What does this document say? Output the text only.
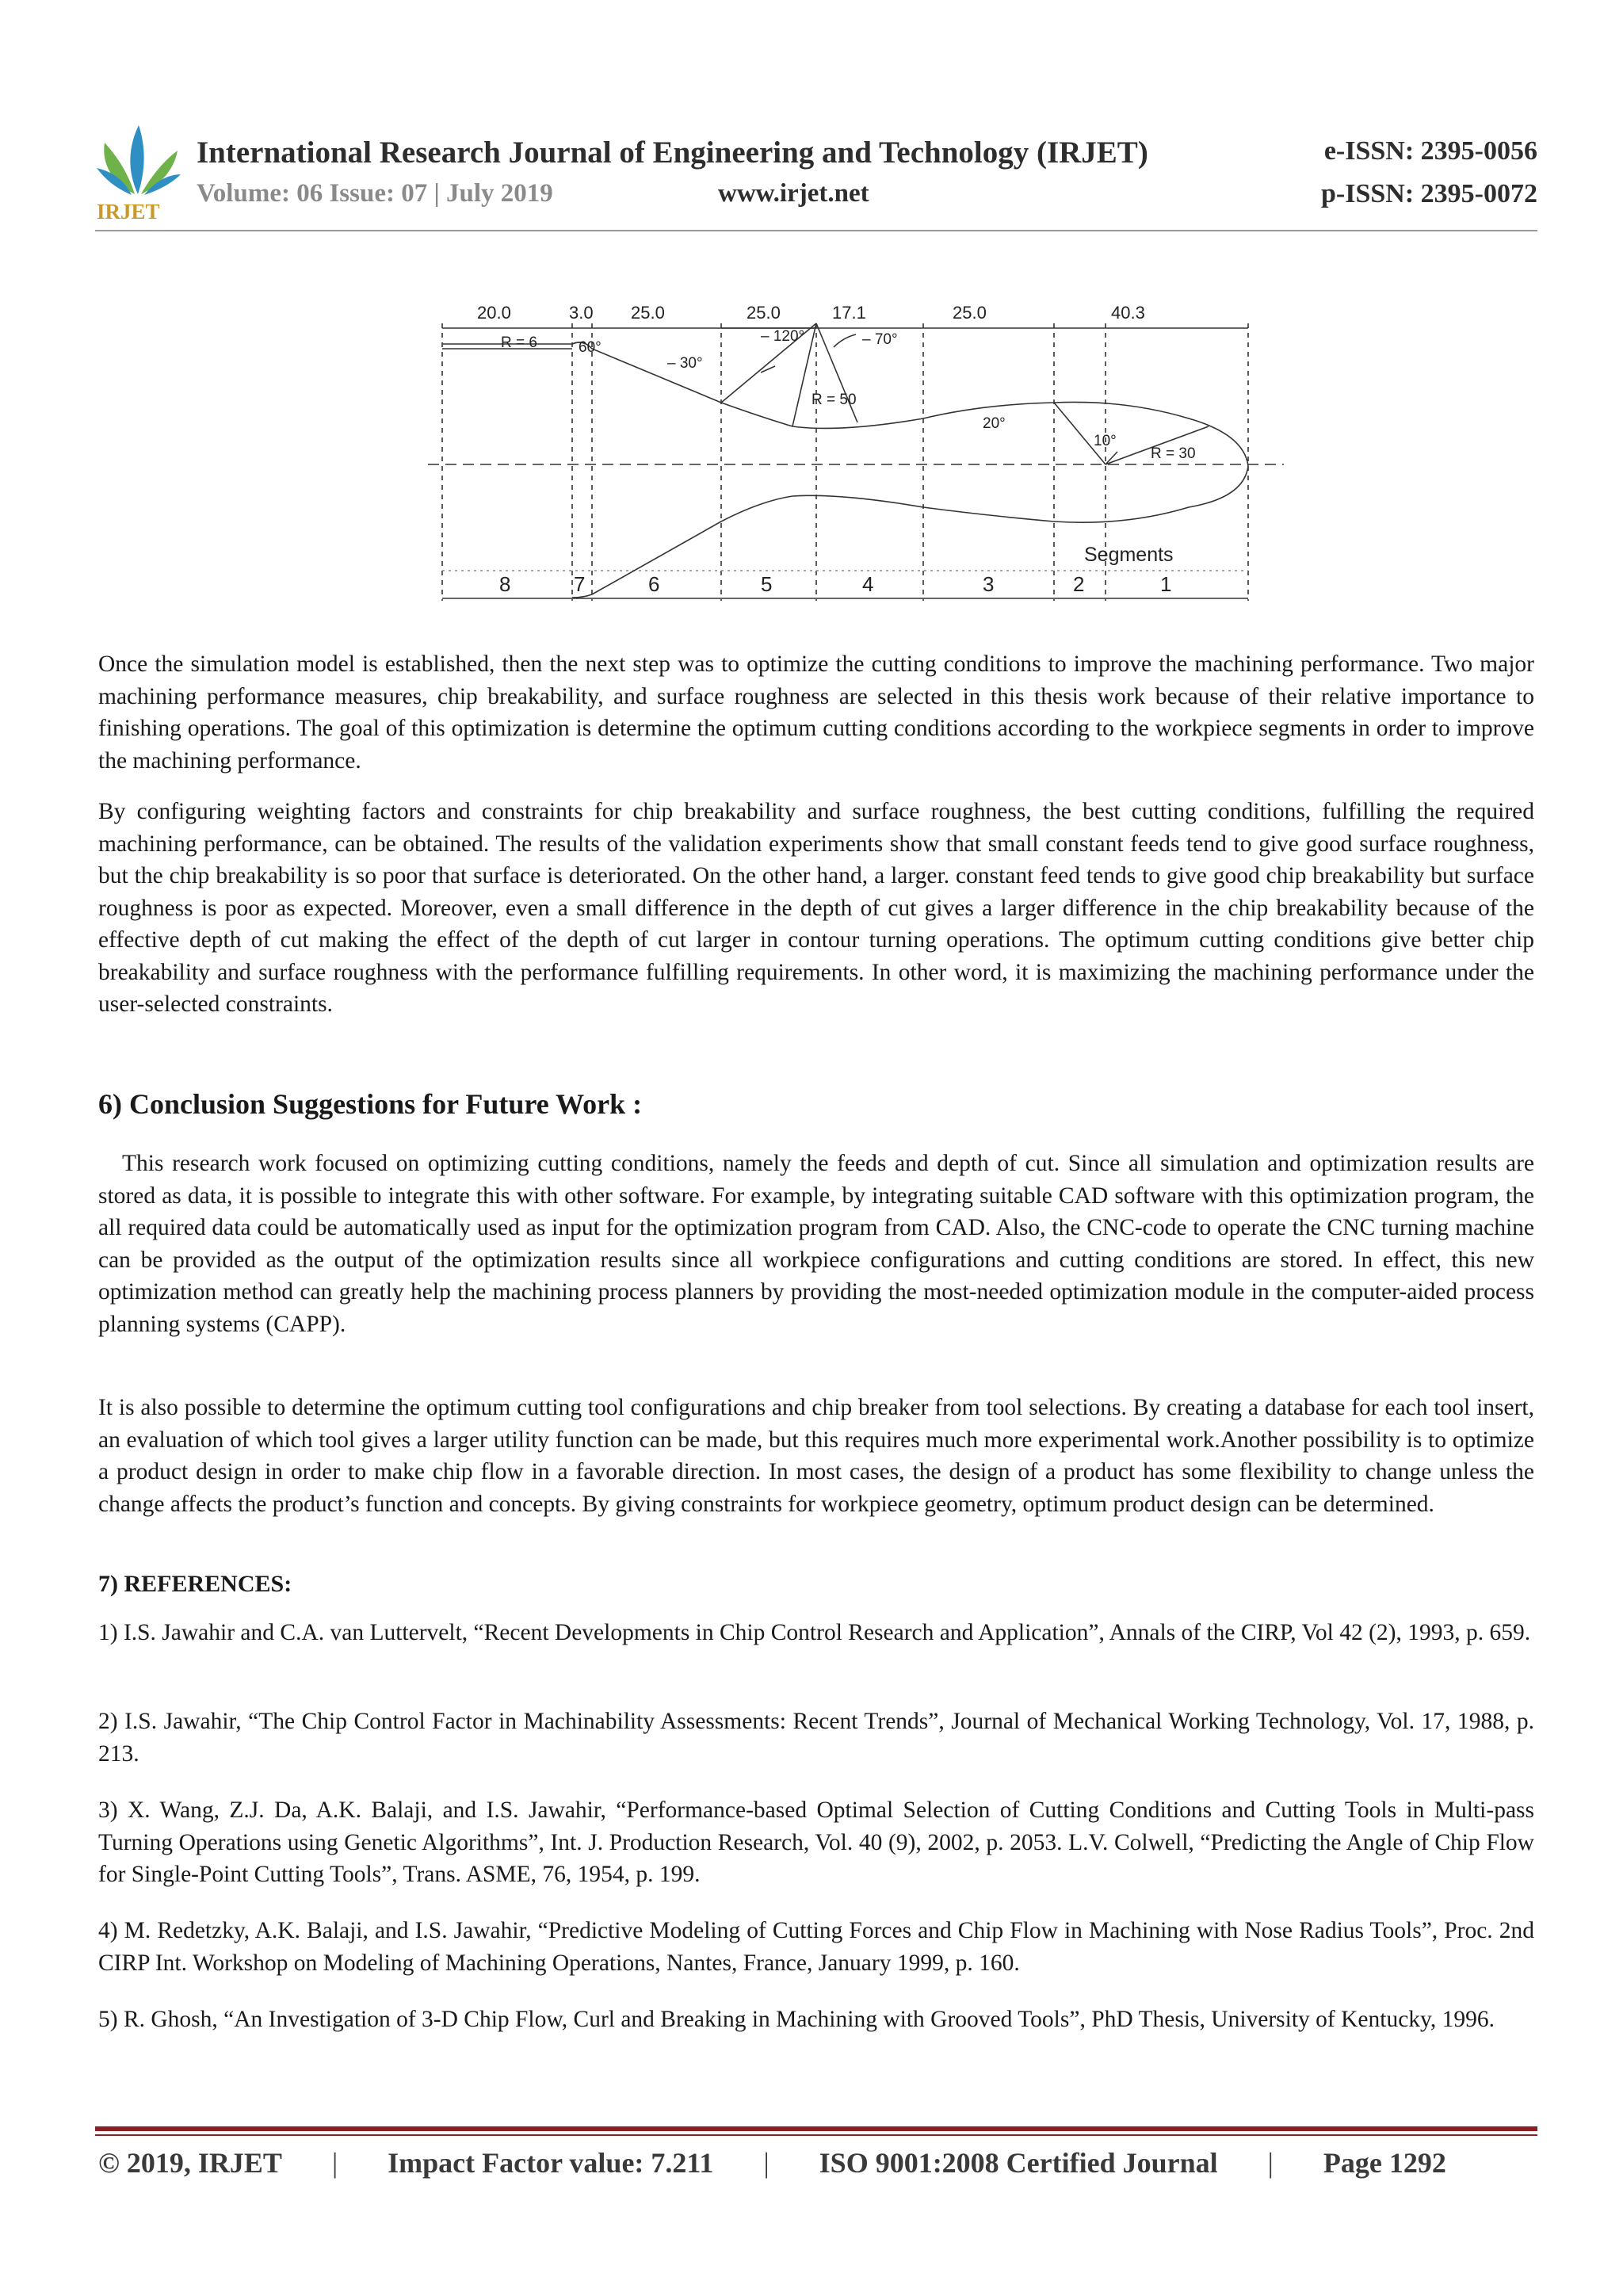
IRJET
International Research Journal of Engineering and Technology (IRJET)	e-ISSN: 2395-0056
Volume: 06 Issue: 07 | July 2019	www.irjet.net	p-ISSN: 2395-0072
20.0	3.0 25.0	25.0	17.1	25.0	40.3
R = 6	60°
– 30°
– 120°	– 70°
R = 50
20°
10°
R = 30
Segments
8	7	6	5	4	3	2	1

Once the simulation model is established, then the next step was to optimize the cutting conditions to improve the machining performance. Two major machining performance measures, chip breakability, and surface roughness are selected in this thesis work because of their relative importance to finishing operations. The goal of this optimization is determine the optimum cutting conditions according to the workpiece segments in order to improve the machining performance.

By configuring weighting factors and constraints for chip breakability and surface roughness, the best cutting conditions, fulfilling the required machining performance, can be obtained. The results of the validation experiments show that small constant feeds tend to give good surface roughness, but the chip breakability is so poor that surface is deteriorated. On the other hand, a larger. constant feed tends to give good chip breakability but surface roughness is poor as expected. Moreover, even a small difference in the depth of cut gives a larger difference in the chip breakability because of the effective depth of cut making the effect of the depth of cut larger in contour turning operations. The optimum cutting conditions give better chip breakability and surface roughness with the performance fulfilling requirements. In other word, it is maximizing the machining performance under the user-selected constraints.

6) Conclusion Suggestions for Future Work :

This research work focused on optimizing cutting conditions, namely the feeds and depth of cut. Since all simulation and optimization results are stored as data, it is possible to integrate this with other software. For example, by integrating suitable CAD software with this optimization program, the all required data could be automatically used as input for the optimization program from CAD. Also, the CNC-code to operate the CNC turning machine can be provided as the output of the optimization results since all workpiece configurations and cutting conditions are stored. In effect, this new optimization method can greatly help the machining process planners by providing the most-needed optimization module in the computer-aided process planning systems (CAPP).

It is also possible to determine the optimum cutting tool configurations and chip breaker from tool selections. By creating a database for each tool insert, an evaluation of which tool gives a larger utility function can be made, but this requires much more experimental work.Another possibility is to optimize a product design in order to make chip flow in a favorable direction. In most cases, the design of a product has some flexibility to change unless the change affects the product’s function and concepts. By giving constraints for workpiece geometry, optimum product design can be determined.

7) REFERENCES:

1) I.S. Jawahir and C.A. van Luttervelt, “Recent Developments in Chip Control Research and Application”, Annals of the CIRP, Vol 42 (2), 1993, p. 659.

2) I.S. Jawahir, “The Chip Control Factor in Machinability Assessments: Recent Trends”, Journal of Mechanical Working Technology, Vol. 17, 1988, p. 213.

3) X. Wang, Z.J. Da, A.K. Balaji, and I.S. Jawahir, “Performance-based Optimal Selection of Cutting Conditions and Cutting Tools in Multi-pass Turning Operations using Genetic Algorithms”, Int. J. Production Research, Vol. 40 (9), 2002, p. 2053. L.V. Colwell, “Predicting the Angle of Chip Flow for Single-Point Cutting Tools”, Trans. ASME, 76, 1954, p. 199.

4) M. Redetzky, A.K. Balaji, and I.S. Jawahir, “Predictive Modeling of Cutting Forces and Chip Flow in Machining with Nose Radius Tools”, Proc. 2nd CIRP Int. Workshop on Modeling of Machining Operations, Nantes, France, January 1999, p. 160.

5) R. Ghosh, “An Investigation of 3-D Chip Flow, Curl and Breaking in Machining with Grooved Tools”, PhD Thesis, University of Kentucky, 1996.

© 2019, IRJET | Impact Factor value: 7.211 | ISO 9001:2008 Certified Journal | Page 1292
